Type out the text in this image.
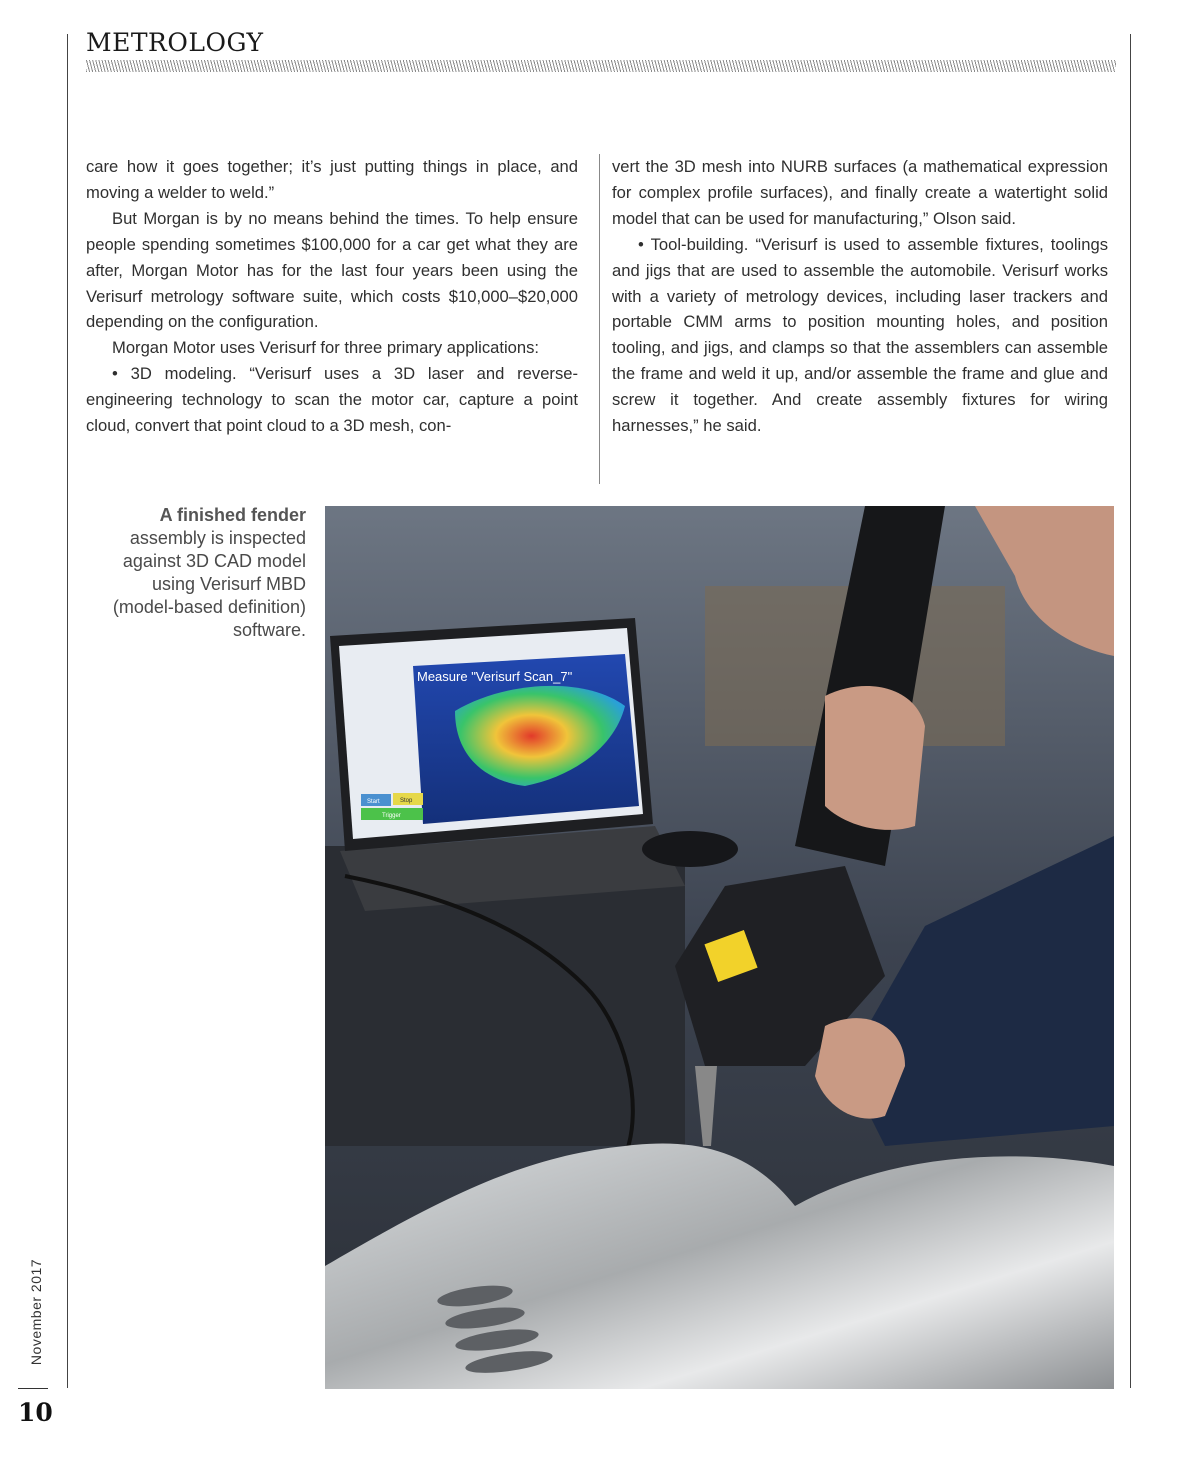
METROLOGY

care how it goes together; it’s just putting things in place, and moving a welder to weld.”

But Morgan is by no means behind the times. To help ensure people spending sometimes $100,000 for a car get what they are after, Morgan Motor has for the last four years been using the Verisurf metrology software suite, which costs $10,000–$20,000 depending on the configuration.

Morgan Motor uses Verisurf for three primary applications:

• 3D modeling. “Verisurf uses a 3D laser and reverse-engineering technology to scan the motor car, capture a point cloud, convert that point cloud to a 3D mesh, con-

vert the 3D mesh into NURB surfaces (a mathematical expression for complex profile surfaces), and finally create a watertight solid model that can be used for manufacturing,” Olson said.

• Tool-building. “Verisurf is used to assemble fixtures, toolings and jigs that are used to assemble the automobile. Verisurf works with a variety of metrology devices, including laser trackers and portable CMM arms to position mounting holes, and position tooling, and jigs, and clamps so that the assemblers can assemble the frame and weld it up, and/or assemble the frame and glue and screw it together. And create assembly fixtures for wiring harnesses,” he said.

A finished fender assembly is inspected against 3D CAD model using Verisurf MBD (model-based definition) software.
Measure "Verisurf Scan_7"
Start	Stop
Trigger
November 2017
10
